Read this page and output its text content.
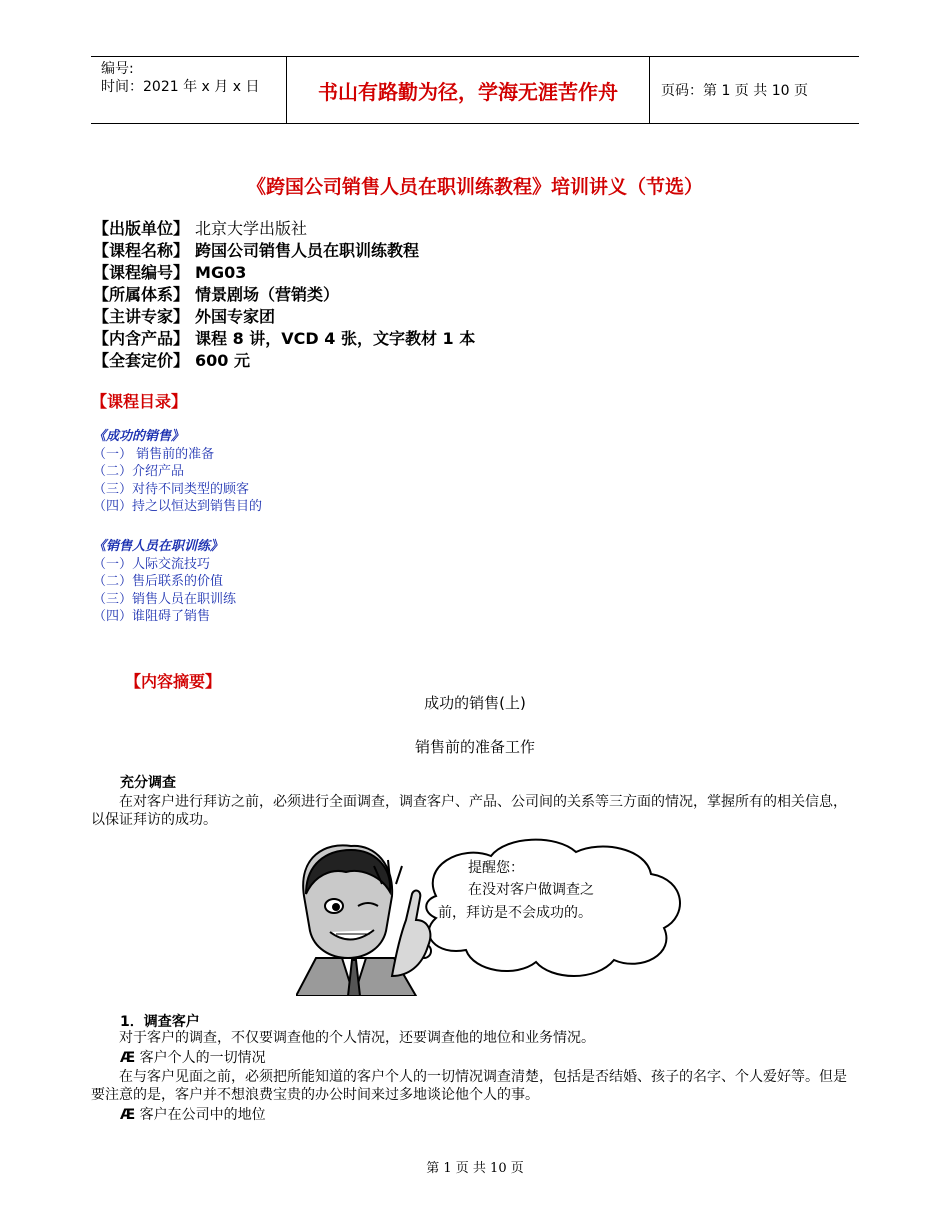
编号:
时间：2021 年 x 月 x 日	书山有路勤为径，学海无涯苦作舟	页码：第 1 页 共 10 页
《跨国公司销售人员在职训练教程》培训讲义（节选）
【出版单位】 北京大学出版社
【课程名称】 跨国公司销售人员在职训练教程
【课程编号】 MG03
【所属体系】 情景剧场（营销类）
【主讲专家】 外国专家团
【内含产品】 课程 8 讲，VCD 4 张，文字教材 1 本
【全套定价】 600 元
【课程目录】
《成功的销售》
（一） 销售前的准备
（二）介绍产品
（三）对待不同类型的顾客
（四）持之以恒达到销售目的
《销售人员在职训练》
（一）人际交流技巧
（二）售后联系的价值
（三）销售人员在职训练
（四）谁阻碍了销售
【内容摘要】
成功的销售(上)
销售前的准备工作
充分调查

在对客户进行拜访之前，必须进行全面调查，调查客户、产品、公司间的关系等三方面的情况，掌握所有的相关信息，以保证拜访的成功。

提醒您：
在没对客户做调查之
前，拜访是不会成功的。
1．调查客户

对于客户的调查，不仅要调查他的个人情况，还要调查他的地位和业务情况。

Æ 客户个人的一切情况

在与客户见面之前，必须把所能知道的客户个人的一切情况调查清楚，包括是否结婚、孩子的名字、个人爱好等。但是要注意的是，客户并不想浪费宝贵的办公时间来过多地谈论他个人的事。

Æ 客户在公司中的地位
第 1 页 共 10 页
